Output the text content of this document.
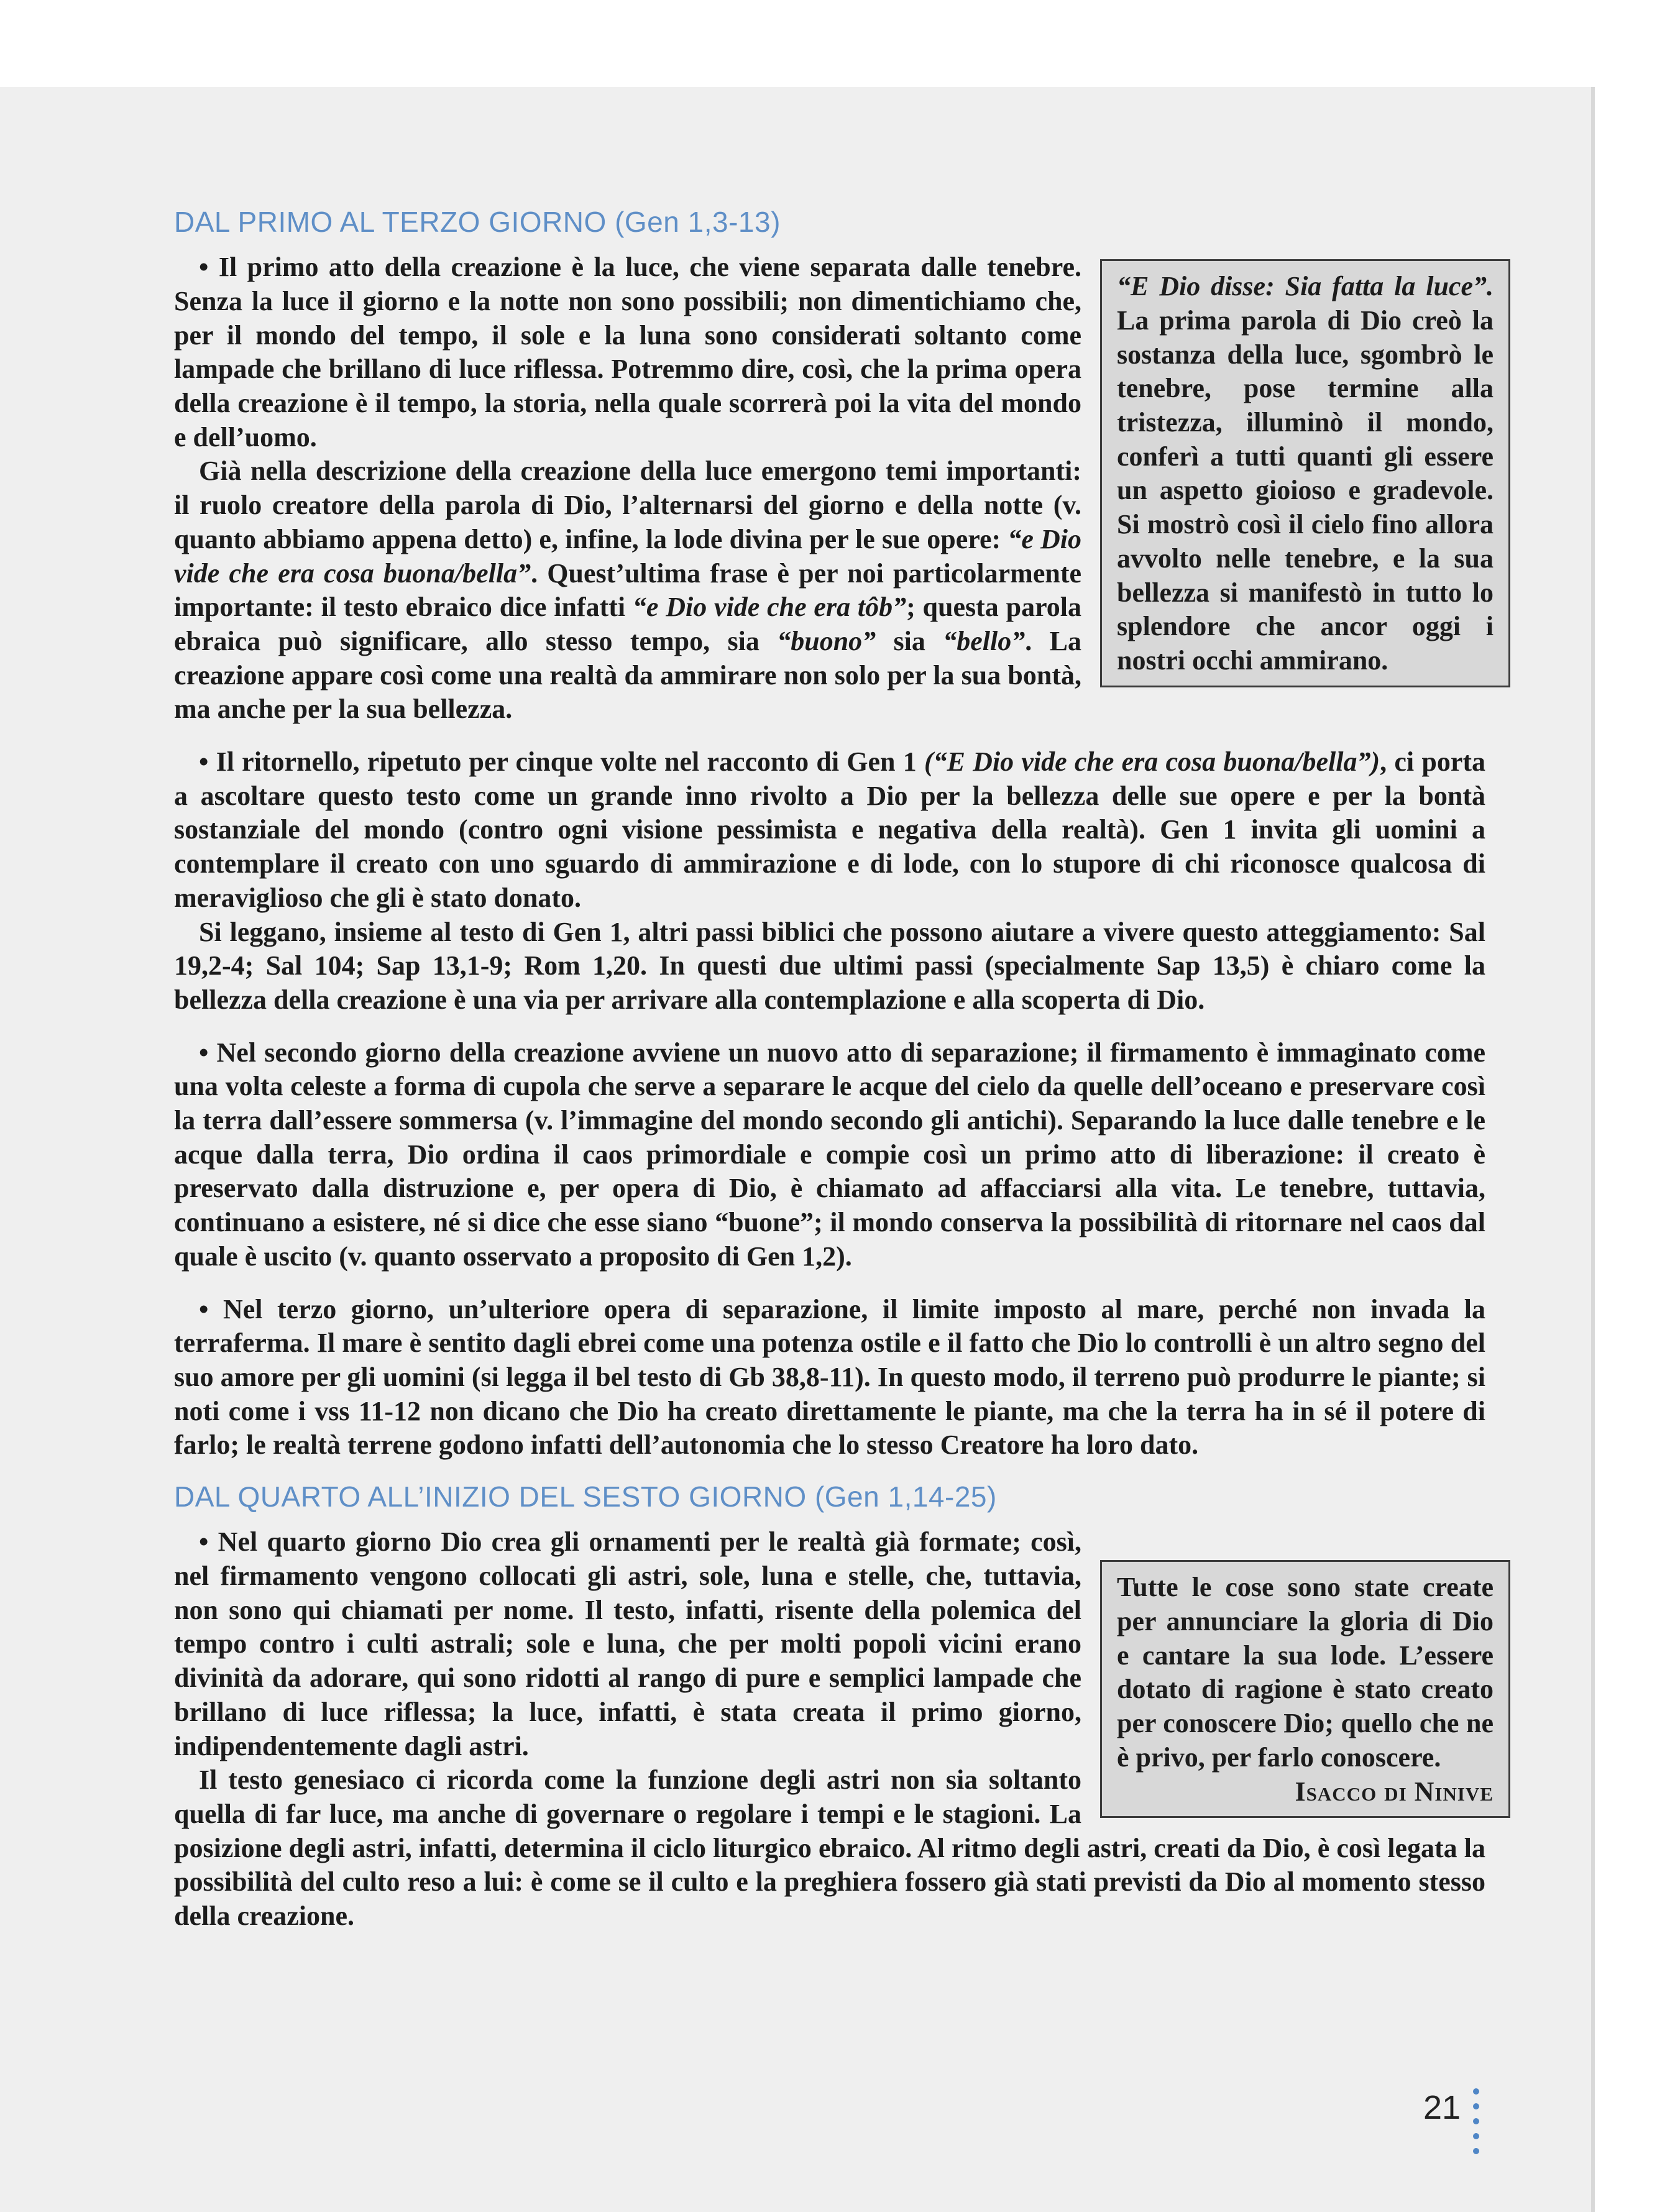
DAL PRIMO AL TERZO GIORNO (Gen 1,3-13)
“E Dio disse: Sia fatta la luce”. La prima parola di Dio creò la sostanza della luce, sgombrò le tenebre, pose termine alla tristezza, illuminò il mondo, conferì a tutti quanti gli essere un aspetto gioioso e gradevole. Si mostrò così il cielo fino allora avvolto nelle tenebre, e la sua bellezza si manifestò in tutto lo splendore che ancor oggi i nostri occhi ammirano.

• Il primo atto della creazione è la luce, che viene separata dalle tenebre. Senza la luce il giorno e la notte non sono possibili; non dimentichiamo che, per il mondo del tempo, il sole e la luna sono considerati soltanto come lampade che brillano di luce riflessa. Potremmo dire, così, che la prima opera della creazione è il tempo, la storia, nella quale scorrerà poi la vita del mondo e dell’uomo.

Già nella descrizione della creazione della luce emergono temi importanti: il ruolo creatore della parola di Dio, l’alternarsi del giorno e della notte (v. quanto abbiamo appena detto) e, infine, la lode divina per le sue opere: “e Dio vide che era cosa buona/bella”. Quest’ultima frase è per noi particolarmente importante: il testo ebraico dice infatti “e Dio vide che era tôb”; questa parola ebraica può significare, allo stesso tempo, sia “buono” sia “bello”. La creazione appare così come una realtà da ammirare non solo per la sua bontà, ma anche per la sua bellezza.

• Il ritornello, ripetuto per cinque volte nel racconto di Gen 1 (“E Dio vide che era cosa buona/bella”), ci porta a ascoltare questo testo come un grande inno rivolto a Dio per la bellezza delle sue opere e per la bontà sostanziale del mondo (contro ogni visione pessimista e negativa della realtà). Gen 1 invita gli uomini a contemplare il creato con uno sguardo di ammirazione e di lode, con lo stupore di chi riconosce qualcosa di meraviglioso che gli è stato donato.

Si leggano, insieme al testo di Gen 1, altri passi biblici che possono aiutare a vivere questo atteggiamento: Sal 19,2-4; Sal 104; Sap 13,1-9; Rom 1,20. In questi due ultimi passi (specialmente Sap 13,5) è chiaro come la bellezza della creazione è una via per arrivare alla contemplazione e alla scoperta di Dio.

• Nel secondo giorno della creazione avviene un nuovo atto di separazione; il firmamento è immaginato come una volta celeste a forma di cupola che serve a separare le acque del cielo da quelle dell’oceano e preservare così la terra dall’essere sommersa (v. l’immagine del mondo secondo gli antichi). Separando la luce dalle tenebre e le acque dalla terra, Dio ordina il caos primordiale e compie così un primo atto di liberazione: il creato è preservato dalla distruzione e, per opera di Dio, è chiamato ad affacciarsi alla vita. Le tenebre, tuttavia, continuano a esistere, né si dice che esse siano “buone”; il mondo conserva la possibilità di ritornare nel caos dal quale è uscito (v. quanto osservato a proposito di Gen 1,2).

• Nel terzo giorno, un’ulteriore opera di separazione, il limite imposto al mare, perché non invada la terraferma. Il mare è sentito dagli ebrei come una potenza ostile e il fatto che Dio lo controlli è un altro segno del suo amore per gli uomini (si legga il bel testo di Gb 38,8-11). In questo modo, il terreno può produrre le piante; si noti come i vss 11-12 non dicano che Dio ha creato direttamente le piante, ma che la terra ha in sé il potere di farlo; le realtà terrene godono infatti dell’autonomia che lo stesso Creatore ha loro dato.

DAL QUARTO ALL’INIZIO DEL SESTO GIORNO (Gen 1,14-25)
Tutte le cose sono state create per annunciare la gloria di Dio e cantare la sua lode. L’essere dotato di ragione è stato creato per conoscere Dio; quello che ne è privo, per farlo conoscere.
Isacco di Ninive

• Nel quarto giorno Dio crea gli ornamenti per le realtà già formate; così, nel firmamento vengono collocati gli astri, sole, luna e stelle, che, tuttavia, non sono qui chiamati per nome. Il testo, infatti, risente della polemica del tempo contro i culti astrali; sole e luna, che per molti popoli vicini erano divinità da adorare, qui sono ridotti al rango di pure e semplici lampade che brillano di luce riflessa; la luce, infatti, è stata creata il primo giorno, indipendentemente dagli astri.

Il testo genesiaco ci ricorda come la funzione degli astri non sia soltanto quella di far luce, ma anche di governare o regolare i tempi e le stagioni. La posizione degli astri, infatti, determina il ciclo liturgico ebraico. Al ritmo degli astri, creati da Dio, è così legata la possibilità del culto reso a lui: è come se il culto e la preghiera fossero già stati previsti da Dio al momento stesso della creazione.

21
